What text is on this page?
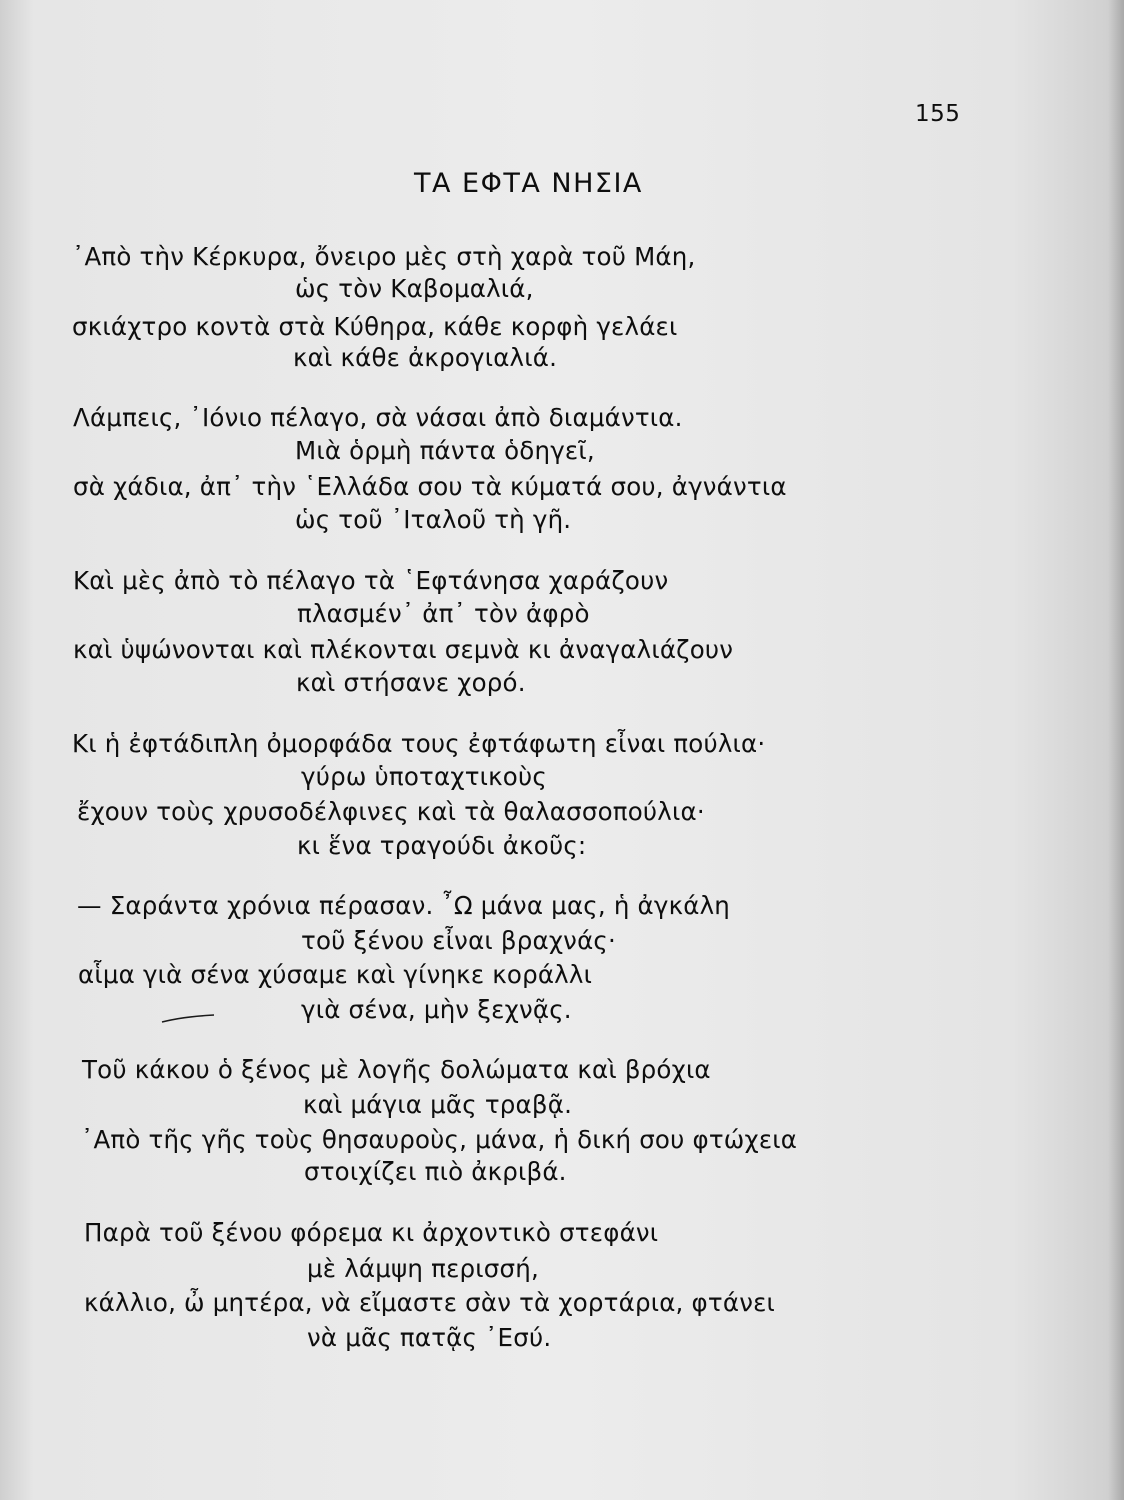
155
ΤΑ ΕΦΤΑ ΝΗΣΙΑ
᾿Απὸ τὴν Κέρκυρα, ὄνειρο μὲς στὴ χαρὰ τοῦ Μάη,
ὡς τὸν Καβομαλιά,
σκιάχτρο κοντὰ στὰ Κύθηρα, κάθε κορφὴ γελάει
καὶ κάθε ἀκρογιαλιά.
Λάμπεις, ᾿Ιόνιο πέλαγο, σὰ νάσαι ἀπὸ διαμάντια.
Μιὰ ὁρμὴ πάντα ὁδηγεῖ,
σὰ χάδια, ἀπ᾿ τὴν ῾Ελλάδα σου τὰ κύματά σου, ἀγνάντια
ὡς τοῦ ᾿Ιταλοῦ τὴ γῆ.
Καὶ μὲς ἀπὸ τὸ πέλαγο τὰ ῾Εφτάνησα χαράζουν
πλασμέν᾿ ἀπ᾿ τὸν ἀφρὸ
καὶ ὑψώνονται καὶ πλέκονται σεμνὰ κι ἀναγαλιάζουν
καὶ στήσανε χορό.
Κι ἡ ἐφτάδιπλη ὀμορφάδα τους ἐφτάφωτη εἶναι πούλια·
γύρω ὑποταχτικοὺς
ἔχουν τοὺς χρυσοδέλφινες καὶ τὰ θαλασσοπούλια·
κι ἕνα τραγούδι ἀκοῦς:
— Σαράντα χρόνια πέρασαν. ῏Ω μάνα μας, ἡ ἀγκάλη
τοῦ ξένου εἶναι βραχνάς·
αἷμα γιὰ σένα χύσαμε καὶ γίνηκε κοράλλι
γιὰ σένα, μὴν ξεχνᾷς.
Τοῦ κάκου ὁ ξένος μὲ λογῆς δολώματα καὶ βρόχια
καὶ μάγια μᾶς τραβᾷ.
᾿Απὸ τῆς γῆς τοὺς θησαυροὺς, μάνα, ἡ δική σου φτώχεια
στοιχίζει πιὸ ἀκριβά.
Παρὰ τοῦ ξένου φόρεμα κι ἀρχοντικὸ στεφάνι
μὲ λάμψη περισσή,
κάλλιο, ὦ μητέρα, νὰ εἴμαστε σὰν τὰ χορτάρια, φτάνει
νὰ μᾶς πατᾷς ᾿Εσύ.
